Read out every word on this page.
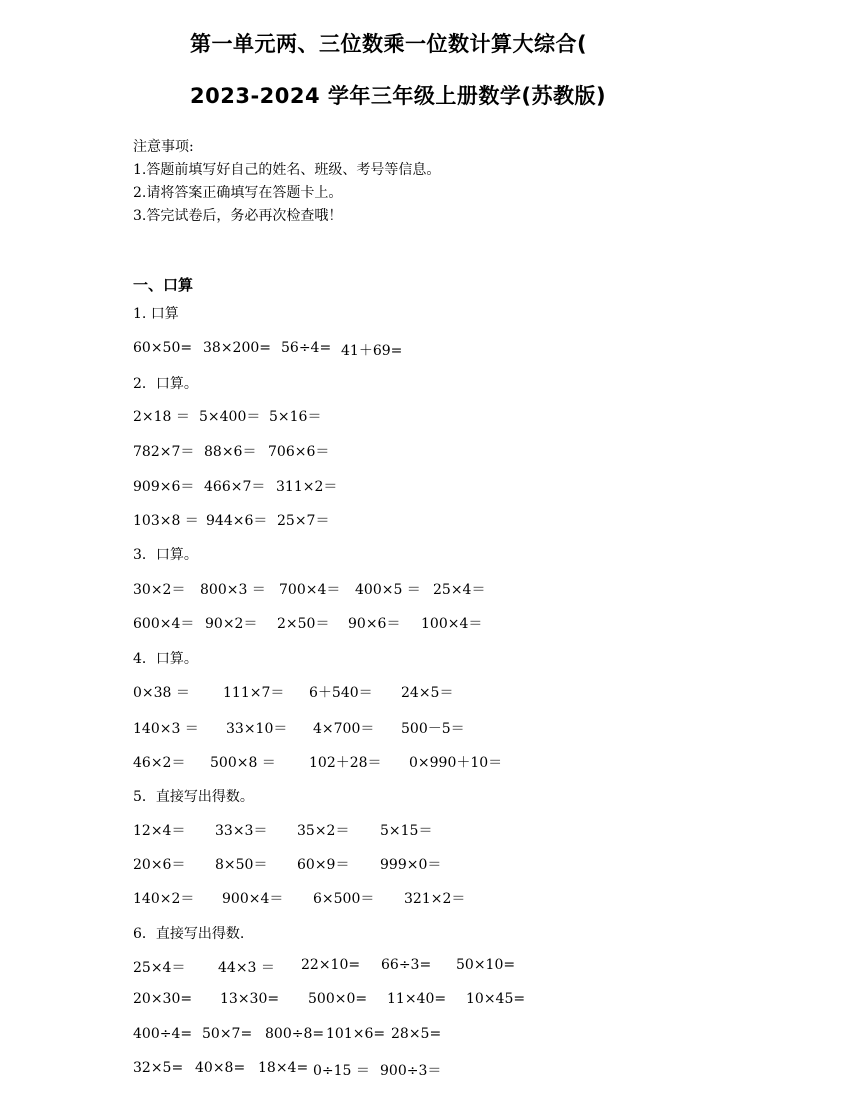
第一单元两、三位数乘一位数计算大综合(
2023-2024 学年三年级上册数学(苏教版)
注意事项:
1.答题前填写好自己的姓名、班级、考号等信息。
2.请将答案正确填写在答题卡上。
3.答完试卷后，务必再次检查哦！
一、口算
1. 口算
60×50= 38×200= 56÷4= 41＋69=
2．口算。
2×18 ＝ 5×400＝ 5×16＝
782×7＝ 88×6＝ 706×6＝
909×6＝ 466×7＝ 311×2＝
103×8 ＝ 944×6＝ 25×7＝
3．口算。
30×2＝ 800×3 ＝ 700×4＝ 400×5 ＝ 25×4＝
600×4＝ 90×2＝ 2×50＝ 90×6＝ 100×4＝
4．口算。
0×38 ＝ 111×7＝ 6＋540＝ 24×5＝
140×3 ＝ 33×10＝ 4×700＝ 500－5＝
46×2＝ 500×8 ＝ 102＋28＝ 0×990＋10＝
5．直接写出得数。
12×4＝ 33×3＝ 35×2＝ 5×15＝
20×6＝ 8×50＝ 60×9＝ 999×0＝
140×2＝ 900×4＝ 6×500＝ 321×2＝
6．直接写出得数.
25×4＝ 44×3 ＝ 22×10= 66÷3= 50×10=
20×30= 13×30= 500×0= 11×40= 10×45=
400÷4= 50×7= 800÷8= 101×6= 28×5=
32×5= 40×8= 18×4= 0÷15 ＝ 900÷3＝
